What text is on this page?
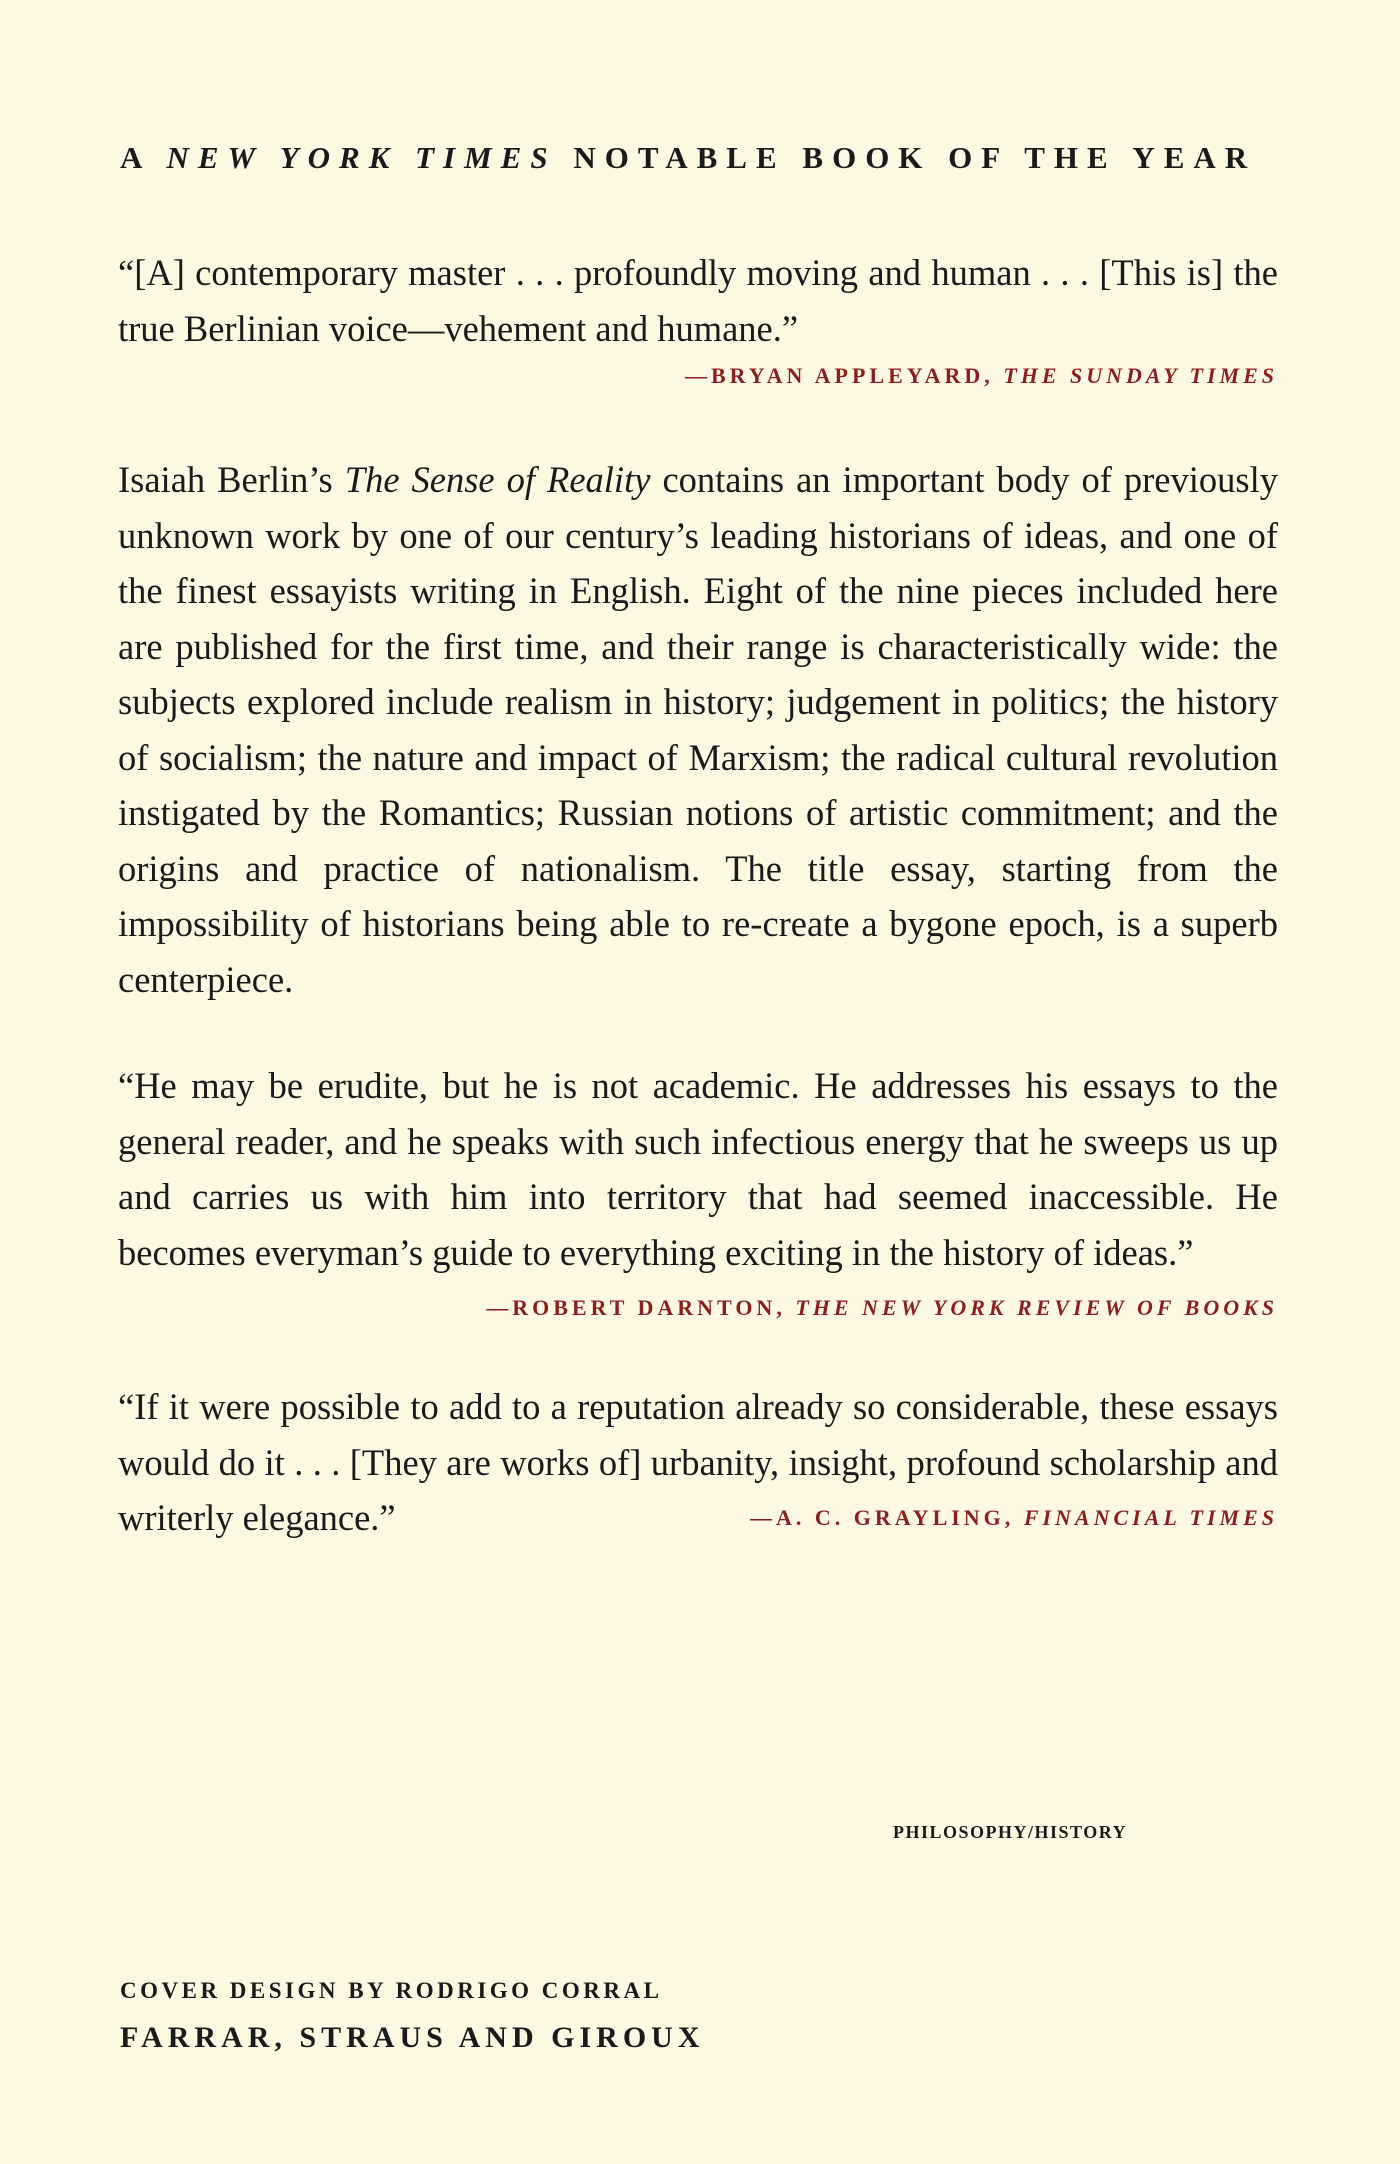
A NEW YORK TIMES NOTABLE BOOK OF THE YEAR

“[A] contemporary master . . . profoundly moving and human . . . [This is] the true Berlinian voice—vehement and humane.”

—BRYAN APPLEYARD, THE SUNDAY TIMES

Isaiah Berlin’s The Sense of Reality contains an important body of previously unknown work by one of our century’s leading historians of ideas, and one of the finest essayists writing in English. Eight of the nine pieces included here are published for the first time, and their range is characteristically wide: the subjects explored include realism in history; judgement in politics; the history of socialism; the nature and impact of Marxism; the radical cultural revolution instigated by the Romantics; Russian notions of artistic commitment; and the origins and practice of nationalism. The title essay, starting from the impossibility of historians being able to re-create a bygone epoch, is a superb centerpiece.

“He may be erudite, but he is not academic. He addresses his essays to the general reader, and he speaks with such infectious energy that he sweeps us up and carries us with him into territory that had seemed inaccessible. He becomes everyman’s guide to everything exciting in the history of ideas.”
—ROBERT DARNTON, THE NEW YORK REVIEW OF BOOKS

“If it were possible to add to a reputation already so considerable, these essays would do it . . . [They are works of] urbanity, insight, profound scholarship and writerly elegance.”	—A. C. GRAYLING, FINANCIAL TIMES

PHILOSOPHY/HISTORY
COVER DESIGN BY RODRIGO CORRAL
FARRAR, STRAUS AND GIROUX
